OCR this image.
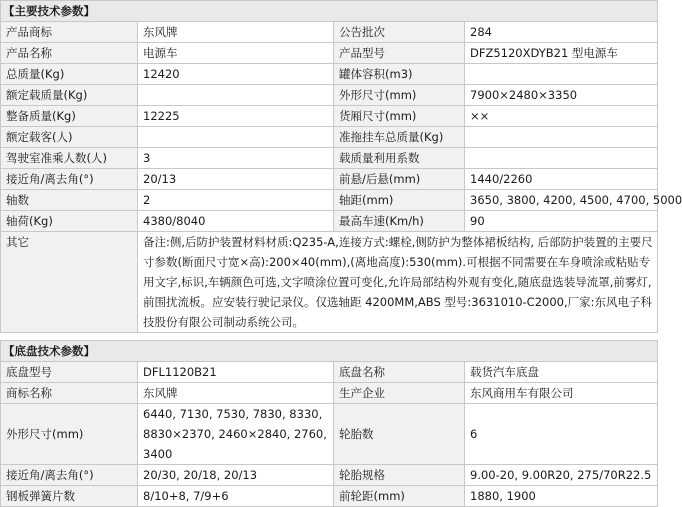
【主要技术参数】			
产品商标	东风牌	公告批次	284
产品名称	电源车	产品型号	DFZ5120XDYB21 型电源车
总质量(Kg)	12420	罐体容积(m3)	
额定载质量(Kg)		外形尺寸(mm)	7900×2480×3350
整备质量(Kg)	12225	货厢尺寸(mm)	××
额定载客(人)		准拖挂车总质量(Kg)	
驾驶室准乘人数(人)	3	载质量利用系数	
接近角/离去角(°)	20/13	前悬/后悬(mm)	1440/2260
轴数	2	轴距(mm)	3650, 3800, 4200, 4500, 4700, 5000
轴荷(Kg)	4380/8040	最高车速(Km/h)	90
其它	备注:侧,后防护装置材料材质:Q235-A,连接方式:螺栓,侧防护为整体裙板结构, 后部防护装置的主要尺寸参数(断面尺寸宽×高):200×40(mm),(离地高度):530(mm).可根据不同需要在车身喷涂或粘贴专用文字,标识,车辆颜色可选,文字喷涂位置可变化,允许局部结构外观有变化,随底盘选装导流罩,前雾灯,前围扰流板。应安装行驶记录仪。仅选轴距 4200MM,ABS 型号:3631010-C2000,厂家:东风电子科技股份有限公司制动系统公司。		
【底盘技术参数】			
底盘型号	DFL1120B21	底盘名称	载货汽车底盘
商标名称	东风牌	生产企业	东风商用车有限公司
外形尺寸(mm)	6440, 7130, 7530, 7830, 8330, 8830×2370, 2460×2840, 2760, 3400	轮胎数	6
接近角/离去角(°)	20/30, 20/18, 20/13	轮胎规格	9.00-20, 9.00R20, 275/70R22.5
钢板弹簧片数	8/10+8, 7/9+6	前轮距(mm)	1880, 1900
